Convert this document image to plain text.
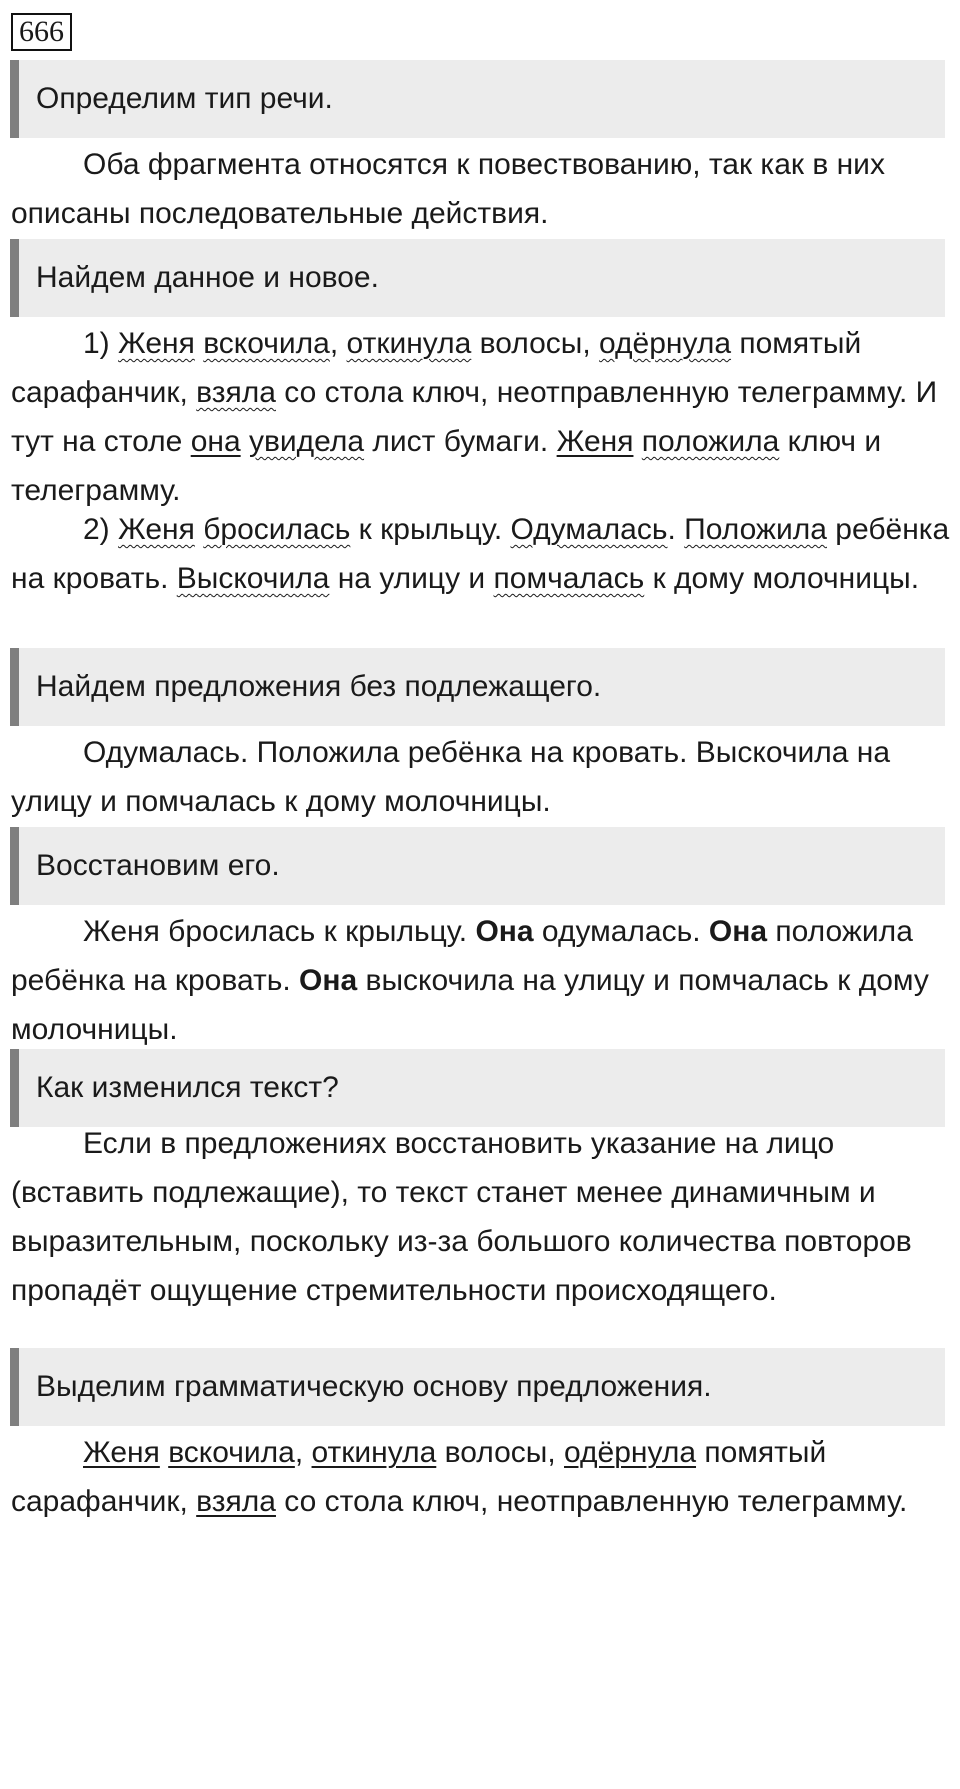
666
Определим тип речи.

Оба фрагмента относятся к повествованию, так как в них описаны последовательные действия.

Найдем данное и новое.

1) Женя вскочила, откинула волосы, одёрнула помятый сарафанчик, взяла со стола ключ, неотправленную телеграмму. И тут на столе она увидела лист бумаги. Женя положила ключ и телеграмму.

2) Женя бросилась к крыльцу. Одумалась. Положила ребёнка на кровать. Выскочила на улицу и помчалась к дому молочницы.

Найдем предложения без подлежащего.

Одумалась. Положила ребёнка на кровать. Выскочила на улицу и помчалась к дому молочницы.

Восстановим его.

Женя бросилась к крыльцу. Она одумалась. Она положила ребёнка на кровать. Она выскочила на улицу и помчалась к дому молочницы.

Как изменился текст?

Если в предложениях восстановить указание на лицо (вставить подлежащие), то текст станет менее динамичным и выразительным, поскольку из-за большого количества повторов пропадёт ощущение стремительности происходящего.

Выделим грамматическую основу предложения.

Женя вскочила, откинула волосы, одёрнула помятый сарафанчик, взяла со стола ключ, неотправленную телеграмму.
